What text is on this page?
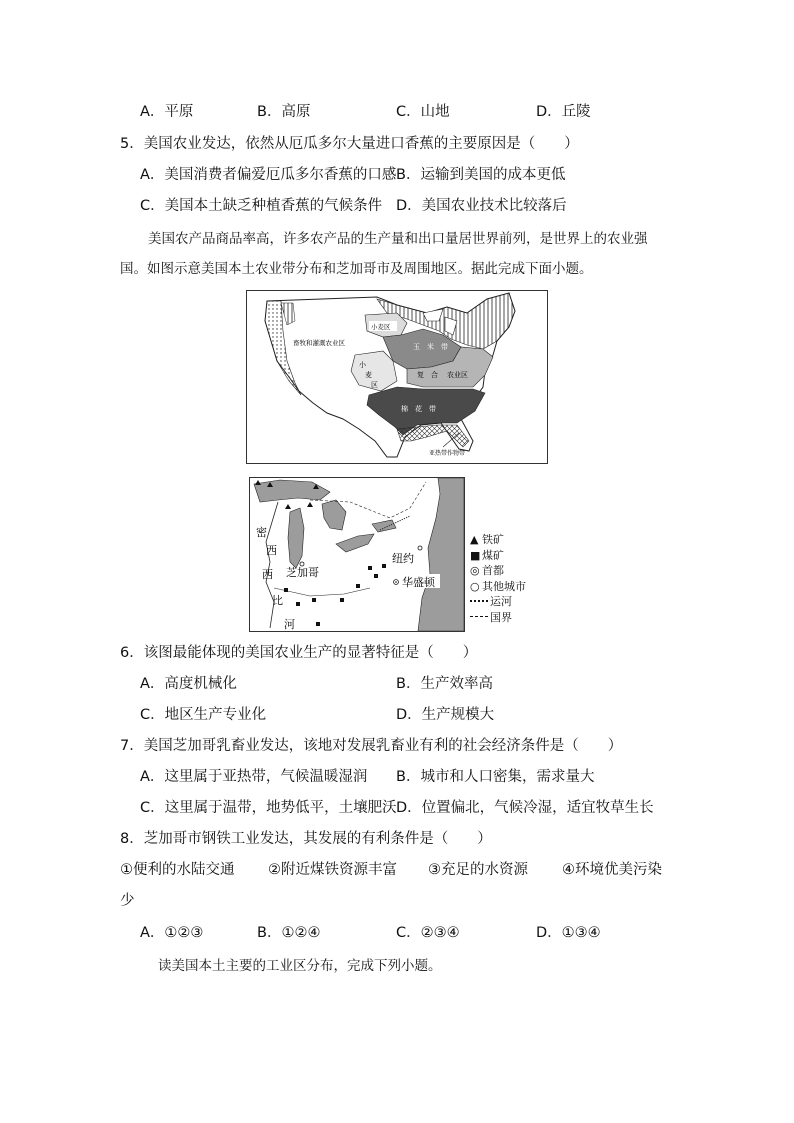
A．平原	B．高原	C．山地	D．丘陵
5．美国农业发达，依然从厄瓜多尔大量进口香蕉的主要原因是（　　）
A．美国消费者偏爱厄瓜多尔香蕉的口感 B．运输到美国的成本更低
C．美国本土缺乏种植香蕉的气候条件 D．美国农业技术比较落后
美国农产品商品率高，许多农产品的生产量和出口量居世界前列，是世界上的农业强
国。如图示意美国本土农业带分布和芝加哥市及周围地区。据此完成下面小题。
畜牧和灌溉农业区
小麦区
玉 米 带
复 合 农业区
小
麦
区
棉 花 带
亚热带作物带
密
西
西
比
河
芝加哥
纽约
华盛顿
▲ 铁矿
■ 煤矿
◎ 首都
○ 其他城市
运河
国界
6．该图最能体现的美国农业生产的显著特征是（　　）
A．高度机械化	B．生产效率高
C．地区生产专业化	D．生产规模大
7．美国芝加哥乳畜业发达，该地对发展乳畜业有利的社会经济条件是（　　）
A．这里属于亚热带，气候温暖湿润 B．城市和人口密集，需求量大
C．这里属于温带，地势低平，土壤肥沃 D．位置偏北，气候冷湿，适宜牧草生长
8．芝加哥市钢铁工业发达，其发展的有利条件是（　　）
①便利的水陆交通 ②附近煤铁资源丰富 ③充足的水资源 ④环境优美污染
少
A．①②③	B．①②④	C．②③④	D．①③④
读美国本土主要的工业区分布，完成下列小题。
